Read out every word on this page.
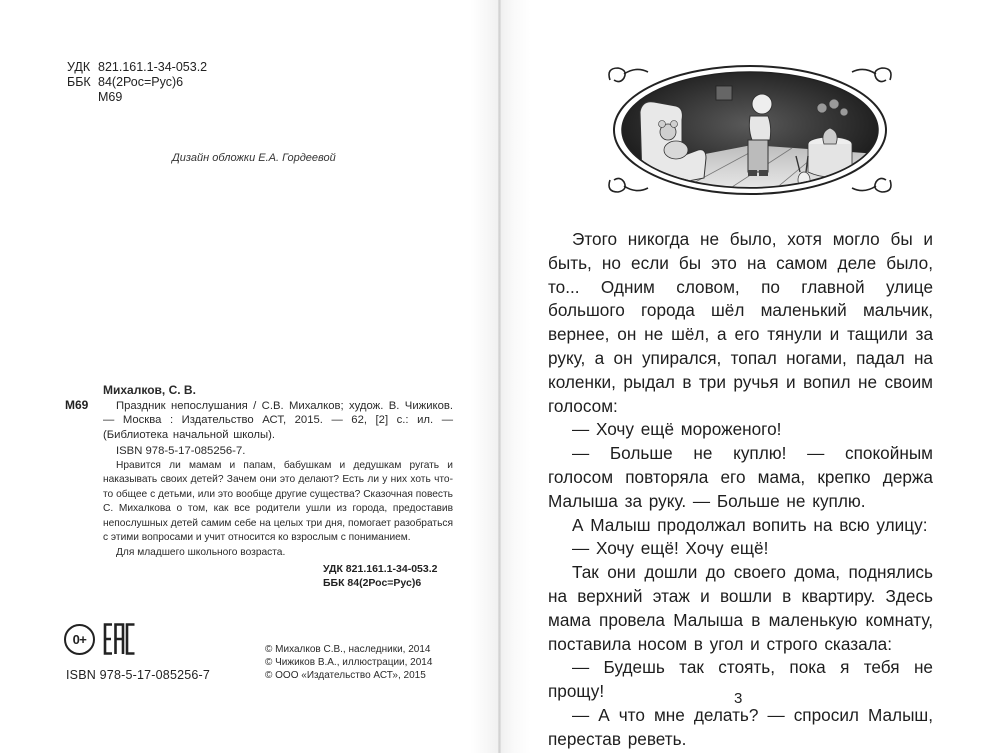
УДК 821.161.1-34-053.2
ББК 84(2Рос=Рус)6
М69
Дизайн обложки Е.А. Гордеевой
М69
Михалков, С. В.
Праздник непослушания / С.В. Михалков; худож. В. Чижиков. — Москва : Издательство АСТ, 2015. — 62, [2] с.: ил. — (Библиотека начальной школы).
ISBN 978-5-17-085256-7.
Нравится ли мамам и папам, бабушкам и дедушкам ругать и наказывать своих детей? Зачем они это делают? Есть ли у них хоть что-то общее с детьми, или это вообще другие существа? Сказочная повесть С. Михалкова о том, как все родители ушли из города, предоставив непослушных детей самим себе на целых три дня, помогает разобраться с этими вопросами и учит относится ко взрослым с пониманием.
Для младшего школьного возраста.
УДК 821.161.1-34-053.2
ББК 84(2Рос=Рус)6
0+
ISBN 978-5-17-085256-7
© Михалков С.В., наследники, 2014
© Чижиков В.А., иллюстрации, 2014
© ООО «Издательство АСТ», 2015

Этого никогда не было, хотя могло бы и быть, но если бы это на самом деле было, то... Одним словом, по главной улице большого города шёл маленький мальчик, вернее, он не шёл, а его тянули и тащили за руку, а он упирался, топал ногами, падал на коленки, рыдал в три ручья и вопил не своим голосом:

— Хочу ещё мороженого!

— Больше не куплю! — спокойным голосом повторяла его мама, крепко держа Малыша за руку. — Больше не куплю.

А Малыш продолжал вопить на всю улицу:

— Хочу ещё! Хочу ещё!

Так они дошли до своего дома, поднялись на верхний этаж и вошли в квартиру. Здесь мама провела Малыша в маленькую комнату, поставила носом в угол и строго сказала:

— Будешь так стоять, пока я тебя не прощу!

— А что мне делать? — спросил Малыш, перестав реветь.

3
